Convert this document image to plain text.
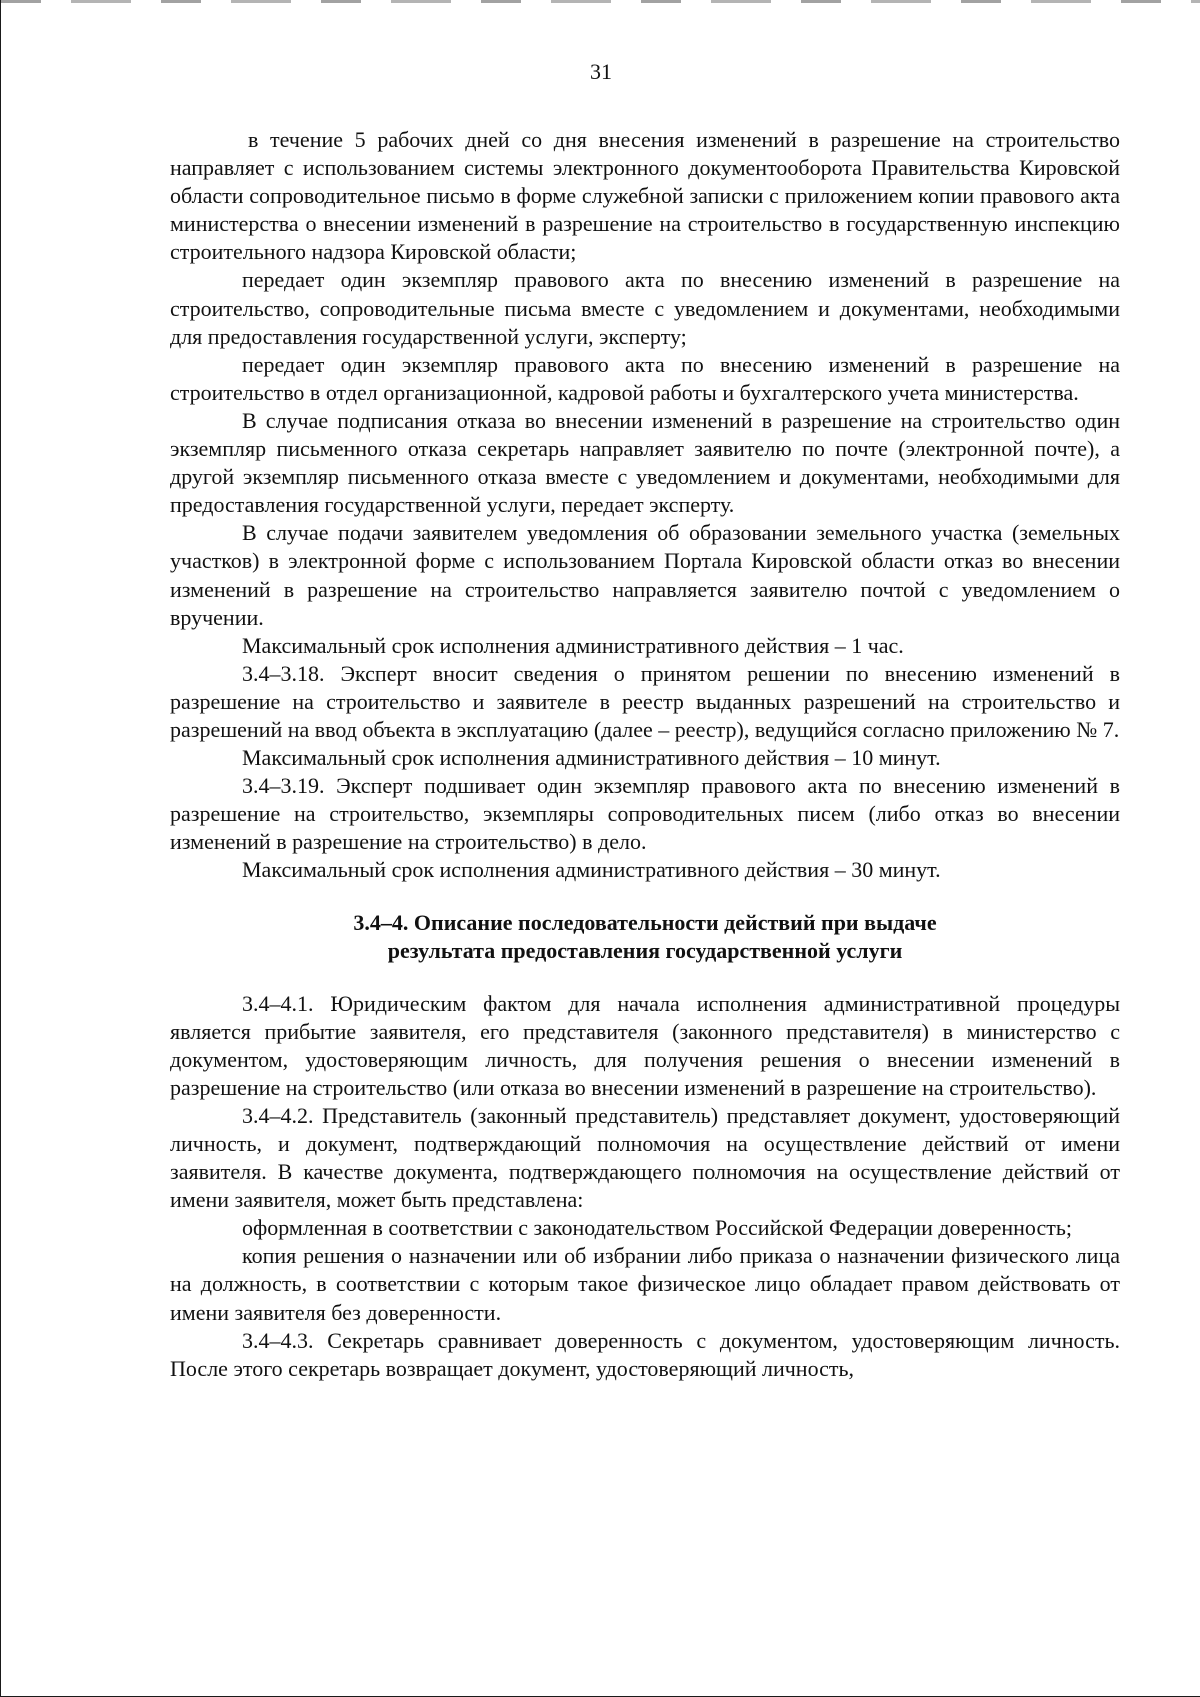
31

в течение 5 рабочих дней со дня внесения изменений в разрешение на строительство направляет с использованием системы электронного документооборота Правительства Кировской области сопроводительное письмо в форме служебной записки с приложением копии правового акта министерства о внесении изменений в разрешение на строительство в государственную инспекцию строительного надзора Кировской области;

передает один экземпляр правового акта по внесению изменений в разрешение на строительство, сопроводительные письма вместе с уведомлением и документами, необходимыми для предоставления государственной услуги, эксперту;

передает один экземпляр правового акта по внесению изменений в разрешение на строительство в отдел организационной, кадровой работы и бухгалтерского учета министерства.

В случае подписания отказа во внесении изменений в разрешение на строительство один экземпляр письменного отказа секретарь направляет заявителю по почте (электронной почте), а другой экземпляр письменного отказа вместе с уведомлением и документами, необходимыми для предоставления государственной услуги, передает эксперту.

В случае подачи заявителем уведомления об образовании земельного участка (земельных участков) в электронной форме с использованием Портала Кировской области отказ во внесении изменений в разрешение на строительство направляется заявителю почтой с уведомлением о вручении.

Максимальный срок исполнения административного действия – 1 час.

3.4–3.18. Эксперт вносит сведения о принятом решении по внесению изменений в разрешение на строительство и заявителе в реестр выданных разрешений на строительство и разрешений на ввод объекта в эксплуатацию (далее – реестр), ведущийся согласно приложению № 7.

Максимальный срок исполнения административного действия – 10 минут.

3.4–3.19. Эксперт подшивает один экземпляр правового акта по внесению изменений в разрешение на строительство, экземпляры сопроводительных писем (либо отказ во внесении изменений в разрешение на строительство) в дело.

Максимальный срок исполнения административного действия – 30 минут.

3.4–4. Описание последовательности действий при выдаче
результата предоставления государственной услуги

3.4–4.1. Юридическим фактом для начала исполнения административной процедуры является прибытие заявителя, его представителя (законного представителя) в министерство с документом, удостоверяющим личность, для получения решения о внесении изменений в разрешение на строительство (или отказа во внесении изменений в разрешение на строительство).

3.4–4.2. Представитель (законный представитель) представляет документ, удостоверяющий личность, и документ, подтверждающий полномочия на осуществление действий от имени заявителя. В качестве документа, подтверждающего полномочия на осуществление действий от имени заявителя, может быть представлена:

оформленная в соответствии с законодательством Российской Федерации доверенность;

копия решения о назначении или об избрании либо приказа о назначении физического лица на должность, в соответствии с которым такое физическое лицо обладает правом действовать от имени заявителя без доверенности.

3.4–4.3. Секретарь сравнивает доверенность с документом, удостоверяющим личность. После этого секретарь возвращает документ, удостоверяющий личность,
